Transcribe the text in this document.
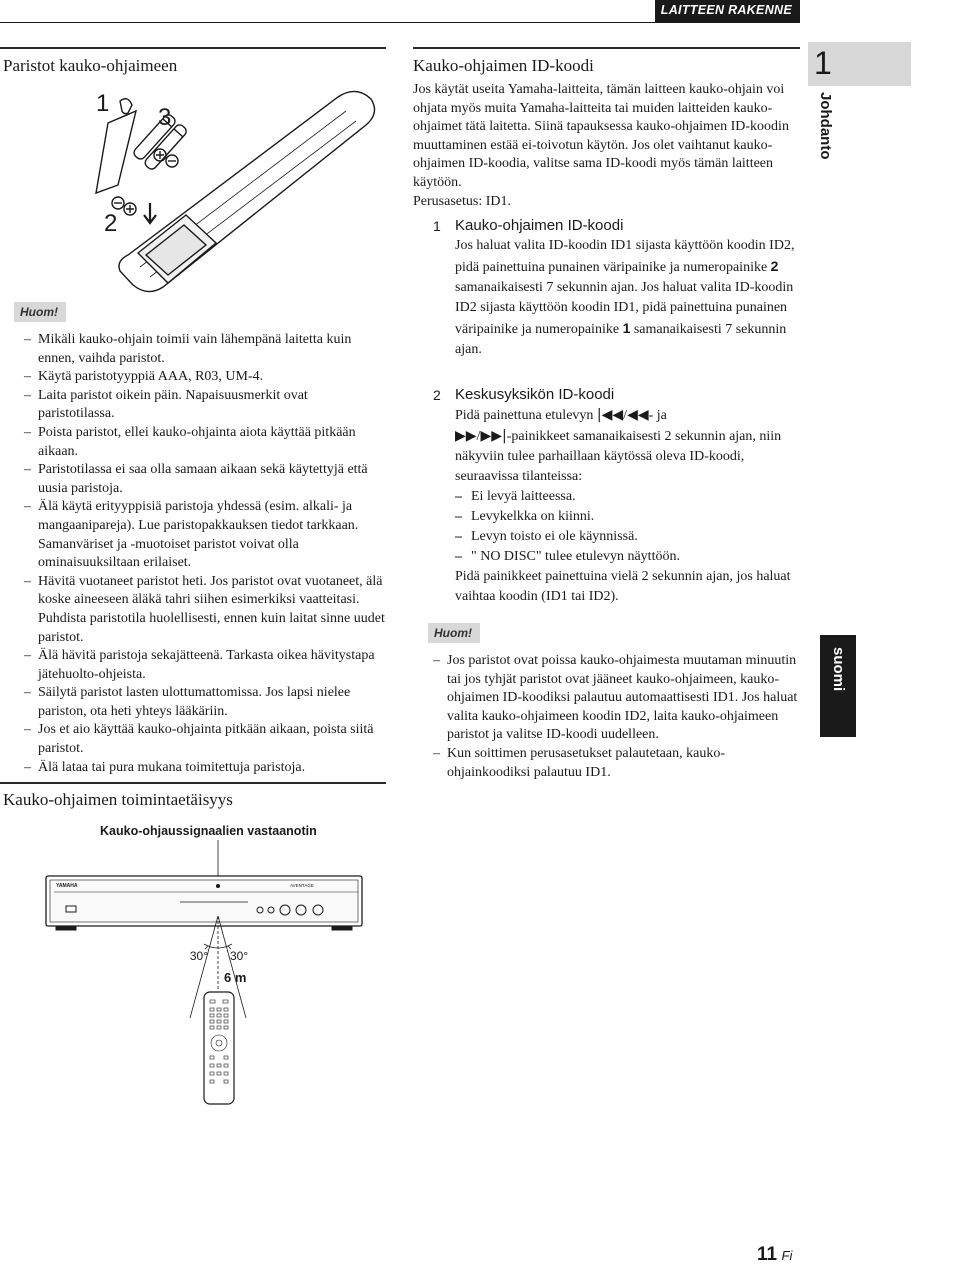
LAITTEEN RAKENNE
Paristot kauko-ohjaimeen
1
2
3
Huom!
– Mikäli kauko-ohjain toimii vain lähempänä laitetta kuin ennen, vaihda paristot.
– Käytä paristotyyppiä AAA, R03, UM-4.
– Laita paristot oikein päin. Napaisuusmerkit ovat paristotilassa.
– Poista paristot, ellei kauko-ohjainta aiota käyttää pitkään aikaan.
– Paristotilassa ei saa olla samaan aikaan sekä käytettyjä että uusia paristoja.
– Älä käytä erityyppisiä paristoja yhdessä (esim. alkali- ja mangaanipareja). Lue paristopakkauksen tiedot tarkkaan. Samanväriset ja -muotoiset paristot voivat olla ominaisuuksiltaan erilaiset.
– Hävitä vuotaneet paristot heti. Jos paristot ovat vuotaneet, älä koske aineeseen äläkä tahri siihen esimerkiksi vaatteitasi. Puhdista paristotila huolellisesti, ennen kuin laitat sinne uudet paristot.
– Älä hävitä paristoja sekajätteenä. Tarkasta oikea hävitystapa jätehuolto-ohjeista.
– Säilytä paristot lasten ulottumattomissa. Jos lapsi nielee pariston, ota heti yhteys lääkäriin.
– Jos et aio käyttää kauko-ohjainta pitkään aikaan, poista siitä paristot.
– Älä lataa tai pura mukana toimitettuja paristoja.
Kauko-ohjaimen toimintaetäisyys
Kauko-ohjaussignaalien vastaanotin
YAMAHA	AVENTAGE
30° 30°
6 m
Kauko-ohjaimen ID-koodi
Jos käytät useita Yamaha-laitteita, tämän laitteen kauko-ohjain voi ohjata myös muita Yamaha-laitteita tai muiden laitteiden kauko-ohjaimet tätä laitetta. Siinä tapauksessa kauko-ohjaimen ID-koodin muuttaminen estää ei-toivotun käytön. Jos olet vaihtanut kauko-ohjaimen ID-koodia, valitse sama ID-koodi myös tämän laitteen käytöön.
Perusasetus: ID1.
1 Kauko-ohjaimen ID-koodi
Jos haluat valita ID-koodin ID1 sijasta käyttöön koodin ID2, pidä painettuina punainen väripainike ja numeropainike 2 samanaikaisesti 7 sekunnin ajan. Jos haluat valita ID-koodin ID2 sijasta käyttöön koodin ID1, pidä painettuina punainen väripainike ja numeropainike 1 samanaikaisesti 7 sekunnin ajan.
2 Keskusyksikön ID-koodi
Pidä painettuna etulevyn |◀◀/◀◀- ja
▶▶/▶▶|-painikkeet samanaikaisesti 2 sekunnin ajan, niin näkyviin tulee parhaillaan käytössä oleva ID-koodi, seuraavissa tilanteissa:
– Ei levyä laitteessa.
– Levykelkka on kiinni.
– Levyn toisto ei ole käynnissä.
– " NO DISC" tulee etulevyn näyttöön.
Pidä painikkeet painettuina vielä 2 sekunnin ajan, jos haluat vaihtaa koodin (ID1 tai ID2).
Huom!
– Jos paristot ovat poissa kauko-ohjaimesta muutaman minuutin tai jos tyhjät paristot ovat jääneet kauko-ohjaimeen, kauko-ohjaimen ID-koodiksi palautuu automaattisesti ID1. Jos haluat valita kauko-ohjaimeen koodin ID2, laita kauko-ohjaimeen paristot ja valitse ID-koodi uudelleen.
– Kun soittimen perusasetukset palautetaan, kauko-ohjainkoodiksi palautuu ID1.
1
Johdanto
suomi
11 Fi
